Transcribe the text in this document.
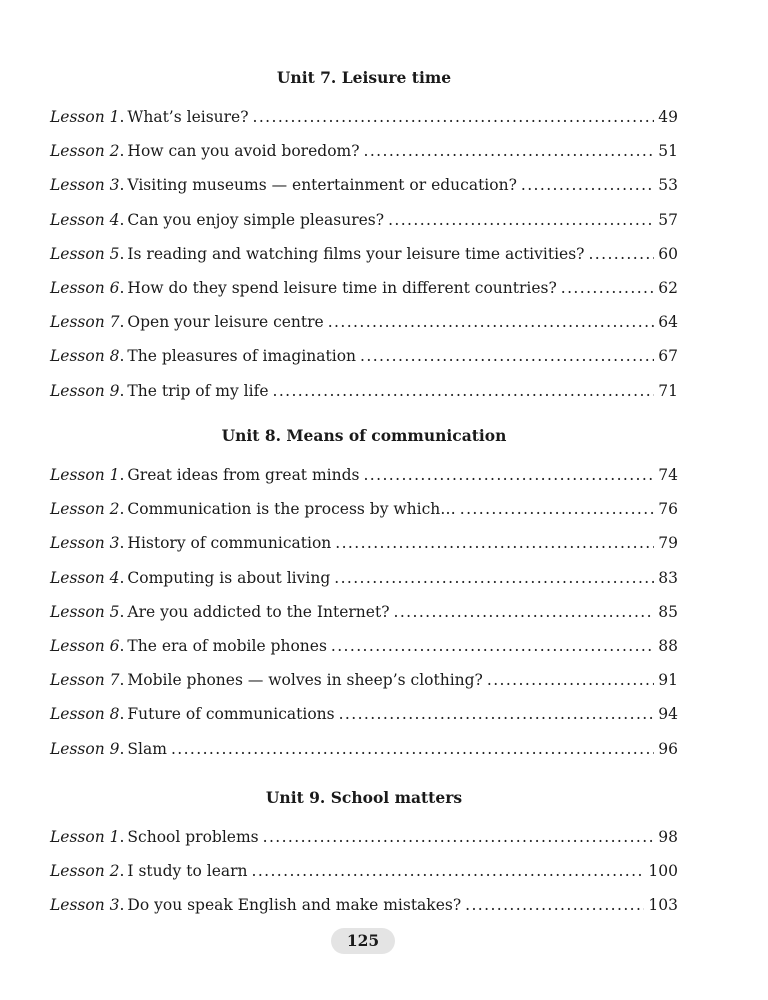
Unit 7. Leisure time
Lesson 1 . What’s leisure? .....	49
Lesson 2 . How can you avoid boredom? .....	51
Lesson 3 . Visiting museums — entertainment or education? .....	53
Lesson 4 . Can you enjoy simple pleasures? .....	57
Lesson 5 . Is reading and watching films your leisure time activities? .....	60
Lesson 6 . How do they spend leisure time in different countries? .....	62
Lesson 7 . Open your leisure centre .....	64
Lesson 8 . The pleasures of imagination .....	67
Lesson 9 . The trip of my life .....	71
Unit 8. Means of communication
Lesson 1 . Great ideas from great minds .....	74
Lesson 2 . Communication is the process by which… .....	76
Lesson 3 . History of communication .....	79
Lesson 4 . Computing is about living .....	83
Lesson 5 . Are you addicted to the Internet? .....	85
Lesson 6 . The era of mobile phones .....	88
Lesson 7 . Mobile phones — wolves in sheep’s clothing? .....	91
Lesson 8 . Future of communications .....	94
Lesson 9 . Slam .....	96
Unit 9. School matters
Lesson 1 . School problems .....	98
Lesson 2 . I study to learn .....	100
Lesson 3 . Do you speak English and make mistakes? .....	103
125
